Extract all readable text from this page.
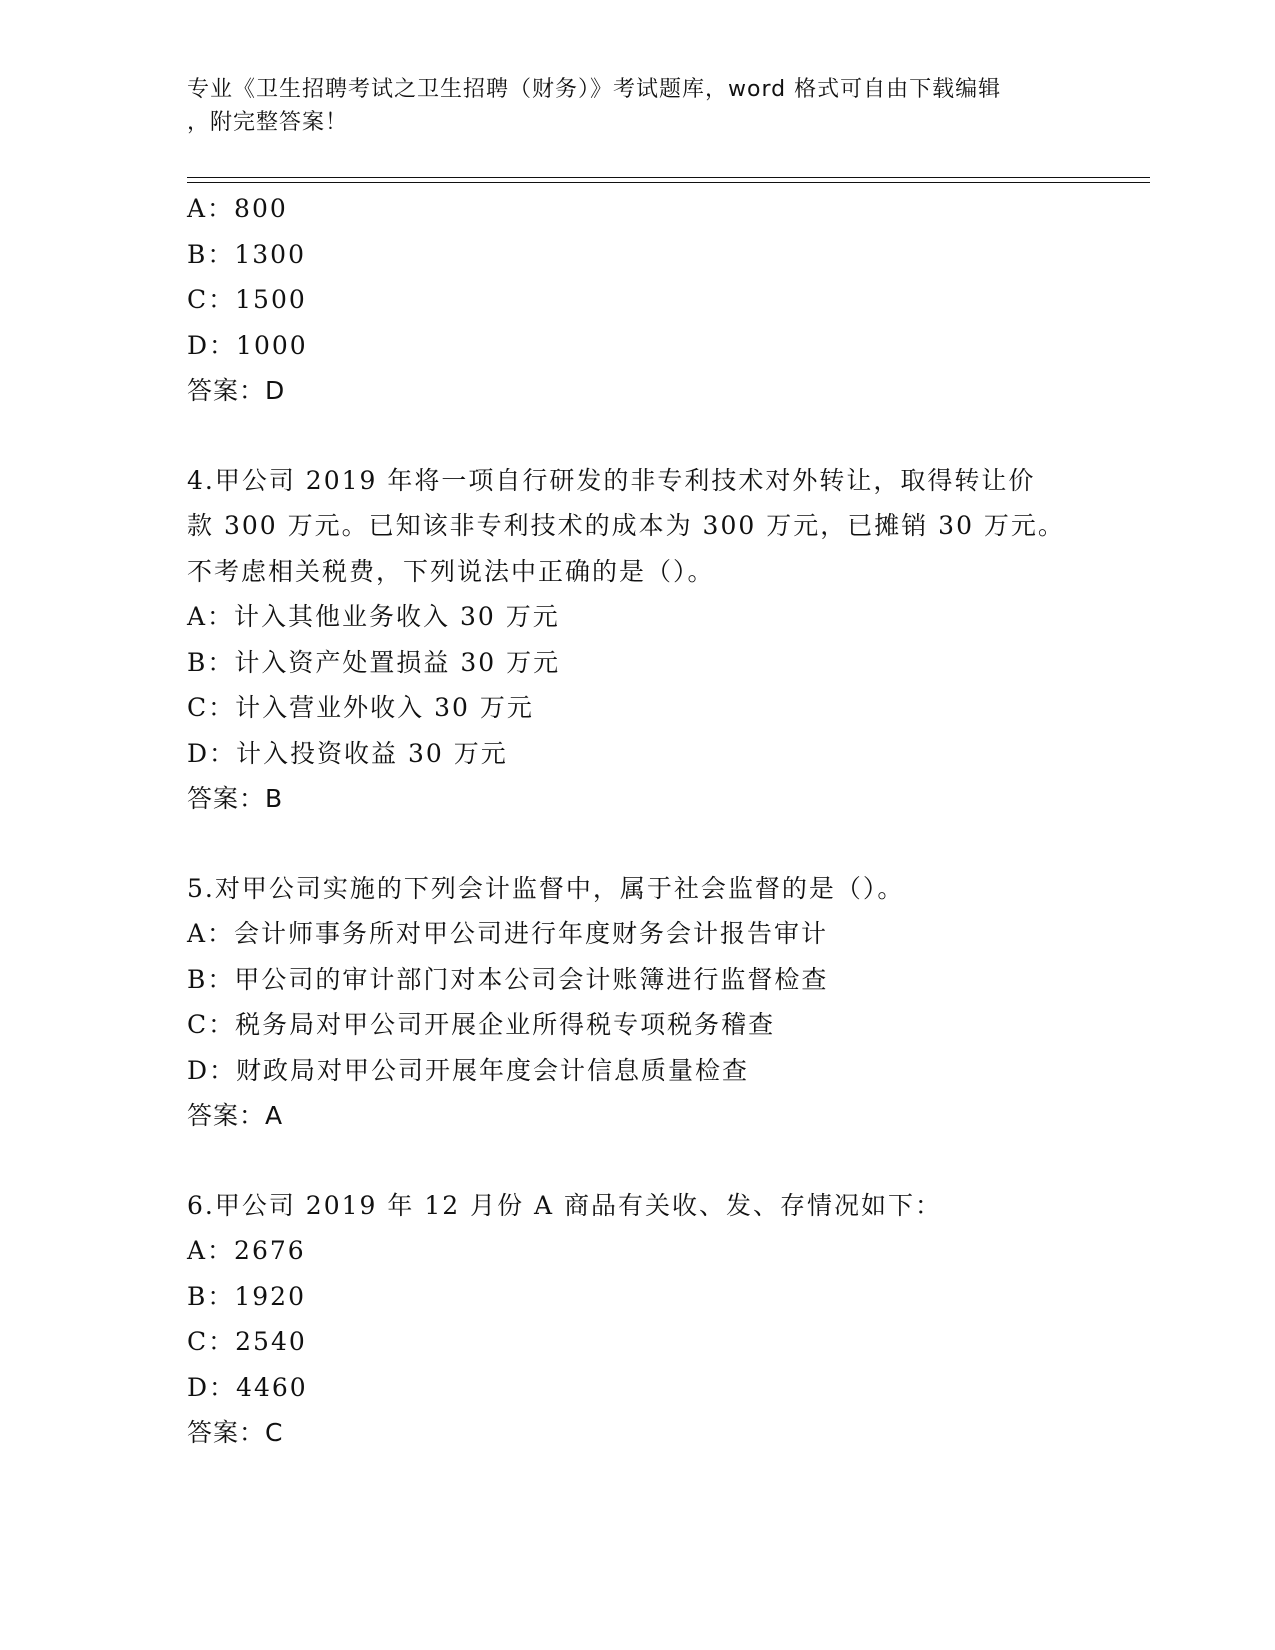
专业《卫生招聘考试之卫生招聘（财务）》考试题库，word 格式可自由下载编辑
，附完整答案！
A：800
B：1300
C：1500
D：1000
答案：D
4.甲公司 2019 年将一项自行研发的非专利技术对外转让，取得转让价
款 300 万元。已知该非专利技术的成本为 300 万元，已摊销 30 万元。
不考虑相关税费，下列说法中正确的是（）。
A：计入其他业务收入 30 万元
B：计入资产处置损益 30 万元
C：计入营业外收入 30 万元
D：计入投资收益 30 万元
答案：B
5.对甲公司实施的下列会计监督中，属于社会监督的是（）。
A：会计师事务所对甲公司进行年度财务会计报告审计
B：甲公司的审计部门对本公司会计账簿进行监督检查
C：税务局对甲公司开展企业所得税专项税务稽查
D：财政局对甲公司开展年度会计信息质量检查
答案：A
6.甲公司 2019 年 12 月份 A 商品有关收、发、存情况如下：
A：2676
B：1920
C：2540
D：4460
答案：C
